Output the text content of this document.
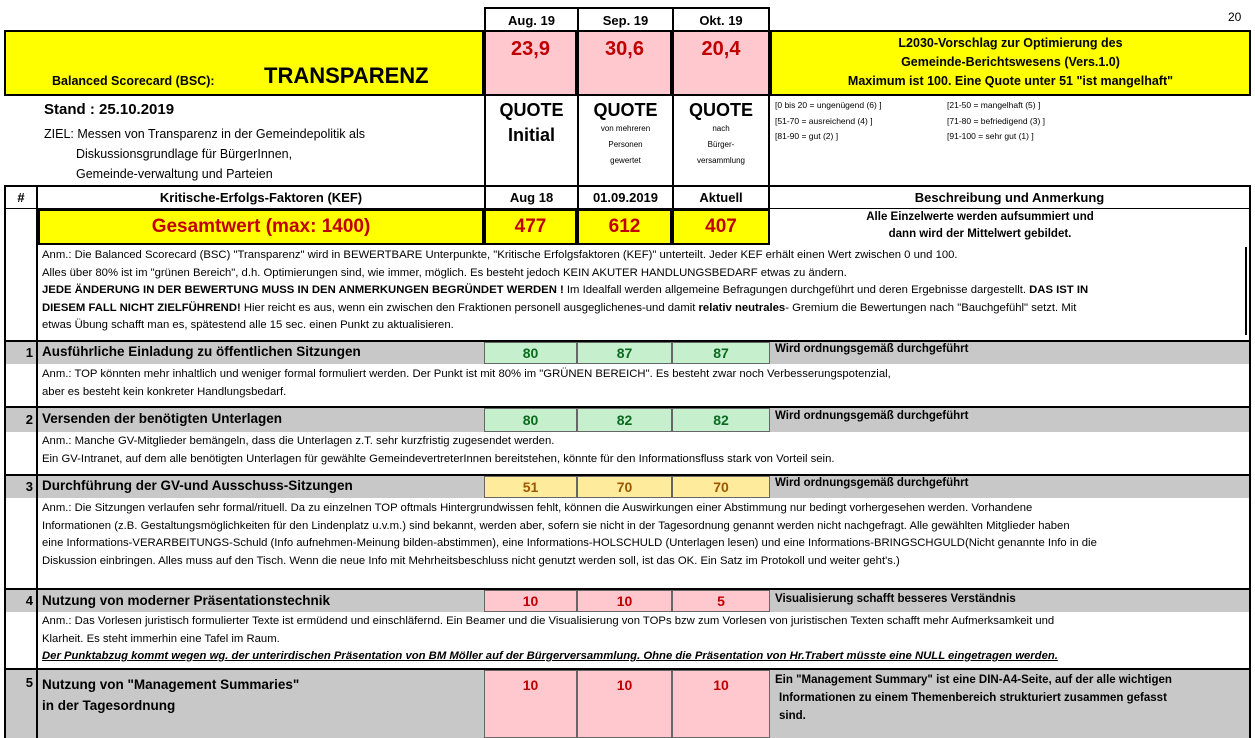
20
Aug. 19	Sep. 19	Okt. 19
Balanced Scorecard (BSC): TRANSPARENZ
23,9	30,6	20,4	L2030-Vorschlag zur Optimierung des
Gemeinde-Berichtswesens (Vers.1.0)
Maximum ist 100. Eine Quote unter 51 "ist mangelhaft"
Stand : 25.10.2019
ZIEL: Messen von Transparenz in der Gemeindepolitik als
Diskussionsgrundlage für BürgerInnen,
Gemeinde-verwaltung und Parteien
QUOTE
Initial
QUOTE
von mehreren
Personen
gewertet
QUOTE
nach
Bürger-
versammlung
[0 bis 20 = ungenügend (6) ]
[51-70 = ausreichend (4) ]
[81-90 = gut (2) ]
[21-50 = mangelhaft (5) ]
[71-80 = befriedigend (3) ]
[91-100 = sehr gut (1) ]
#	Kritische-Erfolgs-Faktoren (KEF)	Aug 18	01.09.2019	Aktuell	Beschreibung und Anmerkung
Gesamtwert (max: 1400)	477	612	407	Alle Einzelwerte werden aufsummiert und
dann wird der Mittelwert gebildet.
Anm.: Die Balanced Scorecard (BSC) "Transparenz" wird in BEWERTBARE Unterpunkte, "Kritische Erfolgsfaktoren (KEF)" unterteilt. Jeder KEF erhält einen Wert zwischen 0 und 100.
Alles über 80% ist im "grünen Bereich", d.h. Optimierungen sind, wie immer, möglich. Es besteht jedoch KEIN AKUTER HANDLUNGSBEDARF etwas zu ändern.
JEDE ÄNDERUNG IN DER BEWERTUNG MUSS IN DEN ANMERKUNGEN BEGRÜNDET WERDEN ! Im Idealfall werden allgemeine Befragungen durchgeführt und deren Ergebnisse dargestellt. DAS IST IN
DIESEM FALL NICHT ZIELFÜHREND! Hier reicht es aus, wenn ein zwischen den Fraktionen personell ausgeglichenes-und damit relativ neutrales- Gremium die Bewertungen nach "Bauchgefühl" setzt. Mit
etwas Übung schafft man es, spätestend alle 15 sec. einen Punkt zu aktualisieren.
1 Ausführliche Einladung zu öffentlichen Sitzungen	80	87	87	Wird ordnungsgemäß durchgeführt
Anm.: TOP könnten mehr inhaltlich und weniger formal formuliert werden. Der Punkt ist mit 80% im "GRÜNEN BEREICH". Es besteht zwar noch Verbesserungspotenzial,
aber es besteht kein konkreter Handlungsbedarf.
2 Versenden der benötigten Unterlagen	80	82	82	Wird ordnungsgemäß durchgeführt
Anm.: Manche GV-Mitglieder bemängeln, dass die Unterlagen z.T. sehr kurzfristig zugesendet werden.
Ein GV-Intranet, auf dem alle benötigten Unterlagen für gewählte GemeindevertreterInnen bereitstehen, könnte für den Informationsfluss stark von Vorteil sein.
3 Durchführung der GV-und Ausschuss-Sitzungen	51	70	70	Wird ordnungsgemäß durchgeführt
Anm.: Die Sitzungen verlaufen sehr formal/rituell. Da zu einzelnen TOP oftmals Hintergrundwissen fehlt, können die Auswirkungen einer Abstimmung nur bedingt vorhergesehen werden. Vorhandene
Informationen (z.B. Gestaltungsmöglichkeiten für den Lindenplatz u.v.m.) sind bekannt, werden aber, sofern sie nicht in der Tagesordnung genannt werden nicht nachgefragt. Alle gewählten Mitglieder haben
eine Informations-VERARBEITUNGS-Schuld (Info aufnehmen-Meinung bilden-abstimmen), eine Informations-HOLSCHULD (Unterlagen lesen) und eine Informations-BRINGSCHGULD(Nicht genannte Info in die
Diskussion einbringen. Alles muss auf den Tisch. Wenn die neue Info mit Mehrheitsbeschluss nicht genutzt werden soll, ist das OK. Ein Satz im Protokoll und weiter geht's.)
4 Nutzung von moderner Präsentationstechnik	10	10	5	Visualisierung schafft besseres Verständnis
Anm.: Das Vorlesen juristisch formulierter Texte ist ermüdend und einschläfernd. Ein Beamer und die Visualisierung von TOPs bzw zum Vorlesen von juristischen Texten schafft mehr Aufmerksamkeit und
Klarheit. Es steht immerhin eine Tafel im Raum.
Der Punktabzug kommt wegen wg. der unterirdischen Präsentation von BM Möller auf der Bürgerversammlung. Ohne die Präsentation von Hr.Trabert müsste eine NULL eingetragen werden.
5 Nutzung von "Management Summaries"
in der Tagesordnung
10	10	10	Ein "Management Summary" ist eine DIN-A4-Seite, auf der alle wichtigen
Informationen zu einem Themenbereich strukturiert zusammen gefasst
sind.
